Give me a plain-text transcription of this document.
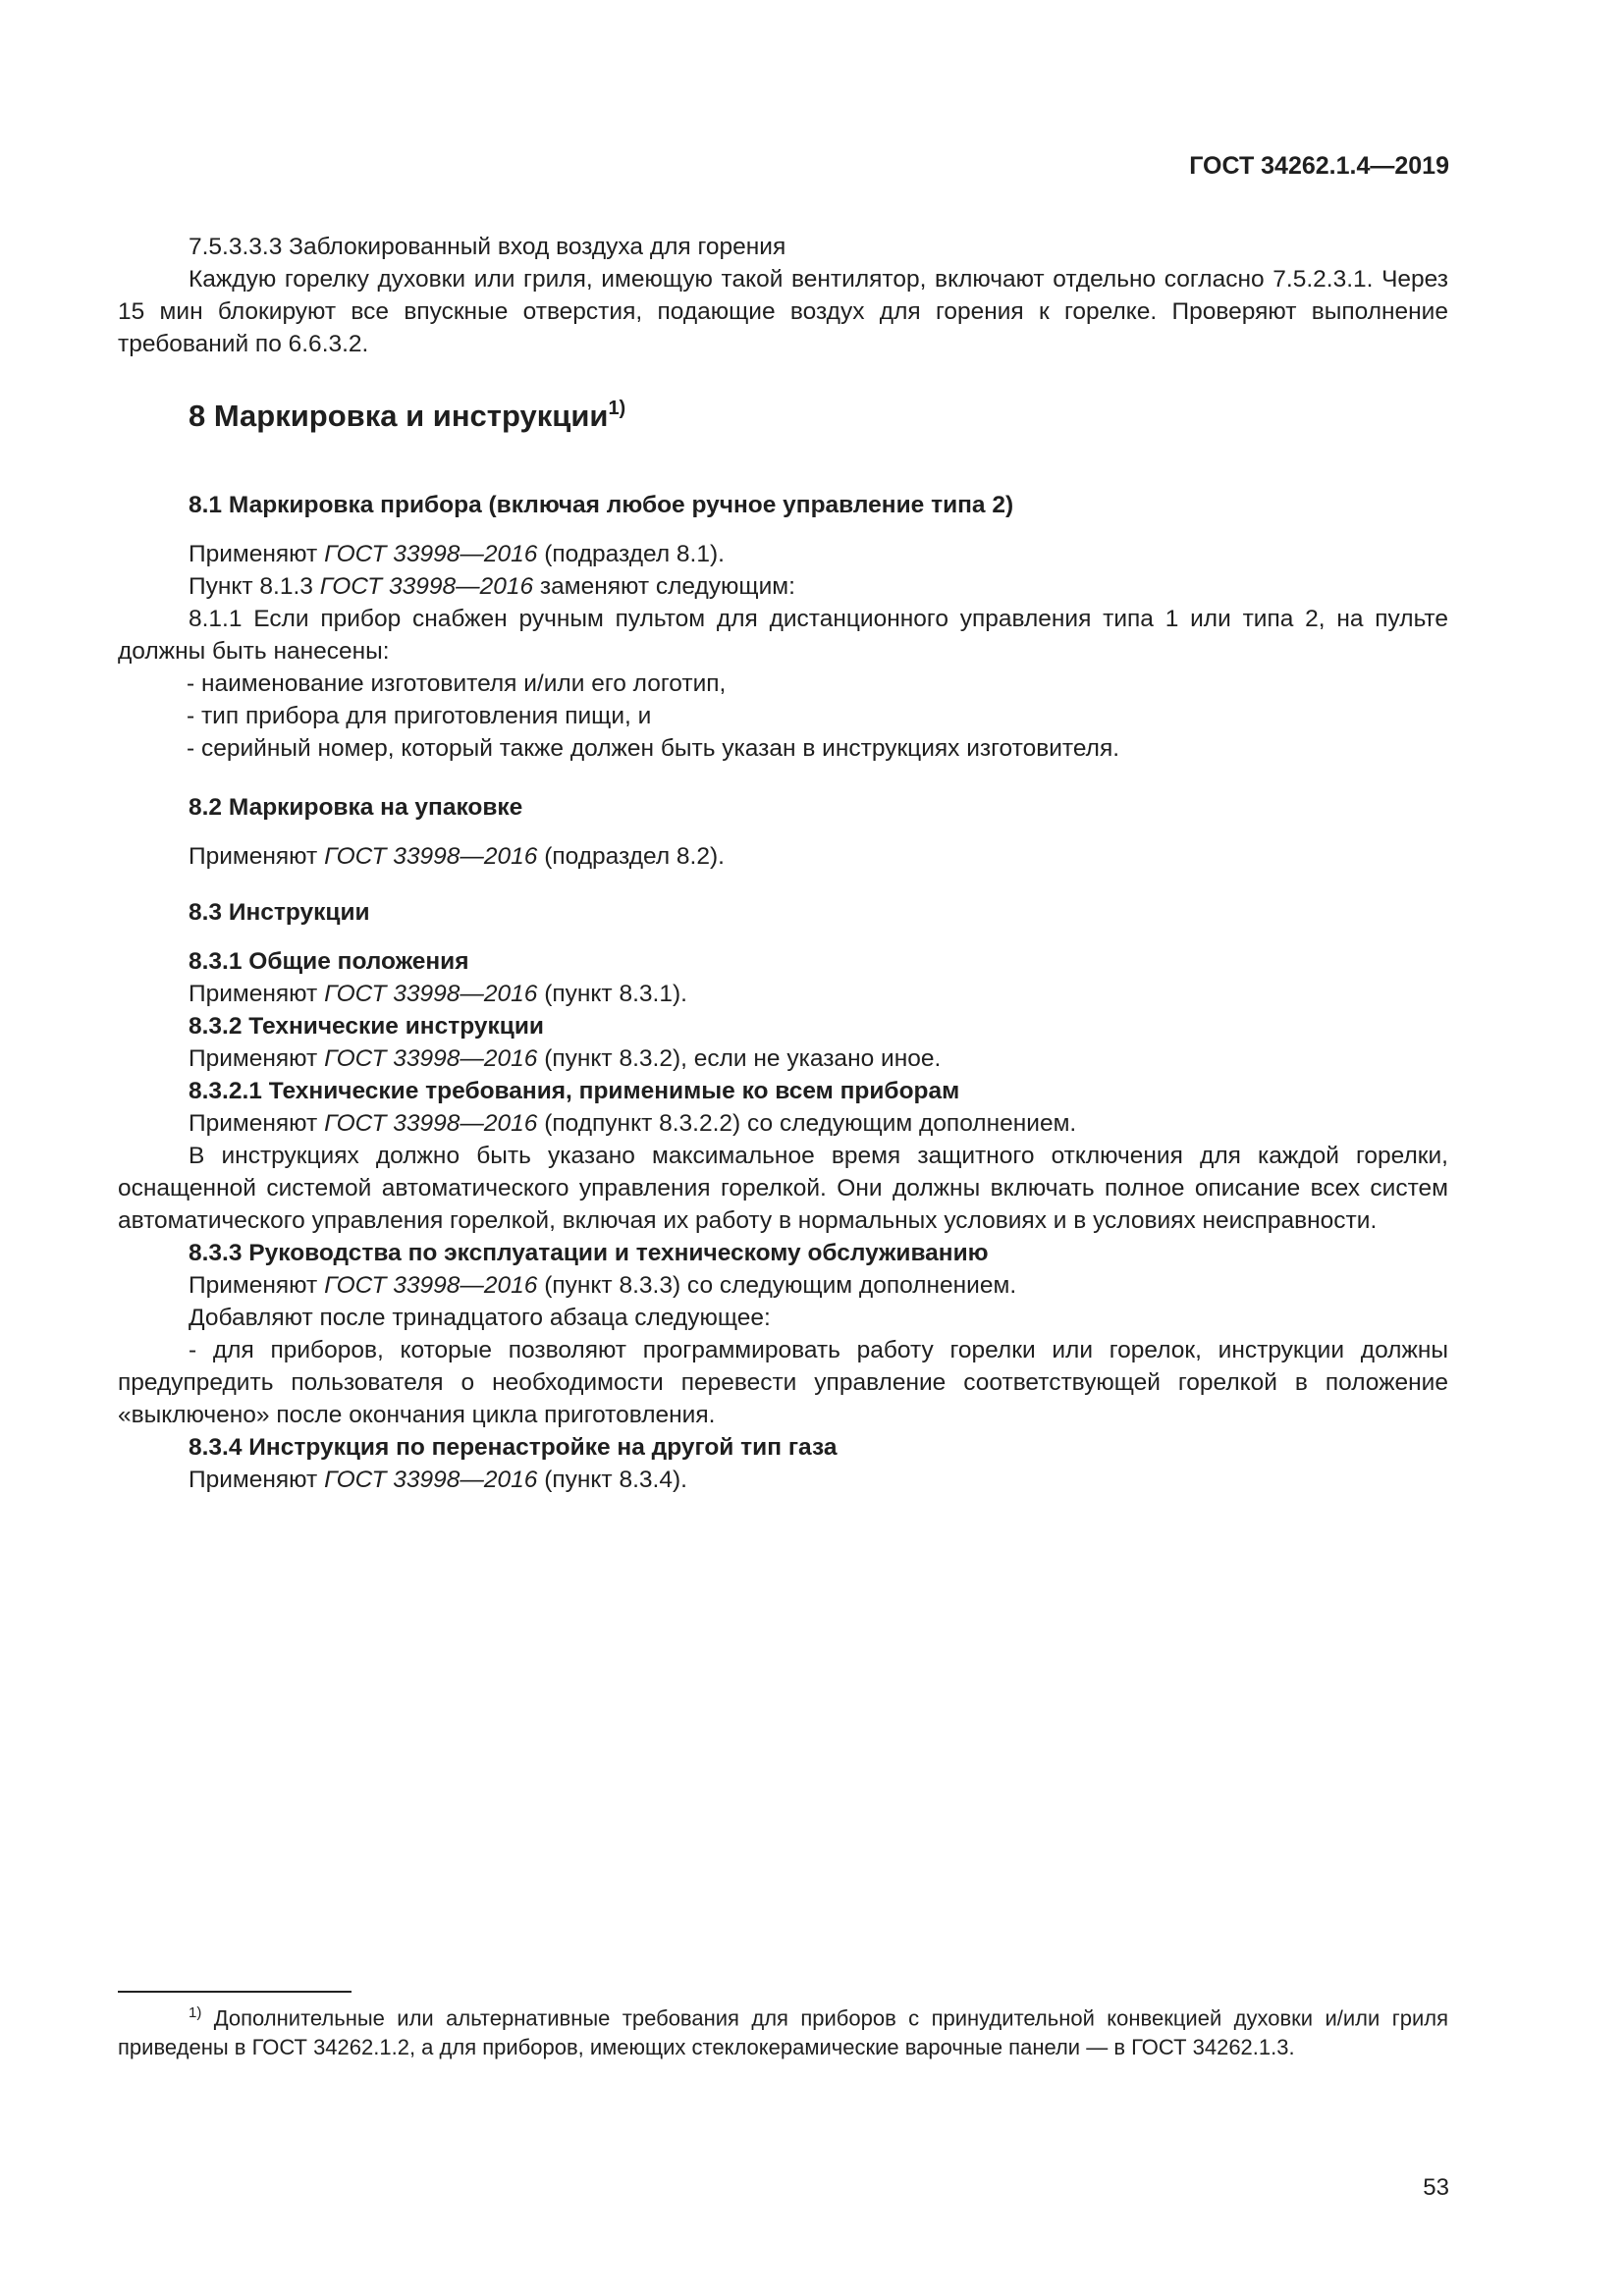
ГОСТ 34262.1.4—2019

7.5.3.3.3 Заблокированный вход воздуха для горения

Каждую горелку духовки или гриля, имеющую такой вентилятор, включают отдельно согласно 7.5.2.3.1. Через 15 мин блокируют все впускные отверстия, подающие воздух для горения к горелке. Проверяют выполнение требований по 6.6.3.2.

8 Маркировка и инструкции$^{1)}$

8.1 Маркировка прибора (включая любое ручное управление типа 2)

Применяют ГОСТ 33998—2016 (подраздел 8.1).

Пункт 8.1.3 ГОСТ 33998—2016 заменяют следующим:

8.1.1 Если прибор снабжен ручным пультом для дистанционного управления типа 1 или типа 2, на пульте должны быть нанесены:

- наименование изготовителя и/или его логотип,

- тип прибора для приготовления пищи, и

- серийный номер, который также должен быть указан в инструкциях изготовителя.

8.2 Маркировка на упаковке

Применяют ГОСТ 33998—2016 (подраздел 8.2).

8.3 Инструкции

8.3.1 Общие положения

Применяют ГОСТ 33998—2016 (пункт 8.3.1).

8.3.2 Технические инструкции

Применяют ГОСТ 33998—2016 (пункт 8.3.2), если не указано иное.

8.3.2.1 Технические требования, применимые ко всем приборам

Применяют ГОСТ 33998—2016 (подпункт 8.3.2.2) со следующим дополнением.

В инструкциях должно быть указано максимальное время защитного отключения для каждой горелки, оснащенной системой автоматического управления горелкой. Они должны включать полное описание всех систем автоматического управления горелкой, включая их работу в нормальных условиях и в условиях неисправности.

8.3.3 Руководства по эксплуатации и техническому обслуживанию

Применяют ГОСТ 33998—2016 (пункт 8.3.3) со следующим дополнением.

Добавляют после тринадцатого абзаца следующее:

- для приборов, которые позволяют программировать работу горелки или горелок, инструкции должны предупредить пользователя о необходимости перевести управление соответствующей горелкой в положение «выключено» после окончания цикла приготовления.

8.3.4 Инструкция по перенастройке на другой тип газа

Применяют ГОСТ 33998—2016 (пункт 8.3.4).

$^{1)}$ Дополнительные или альтернативные требования для приборов с принудительной конвекцией духовки и/или гриля приведены в ГОСТ 34262.1.2, а для приборов, имеющих стеклокерамические варочные панели — в ГОСТ 34262.1.3.

53
